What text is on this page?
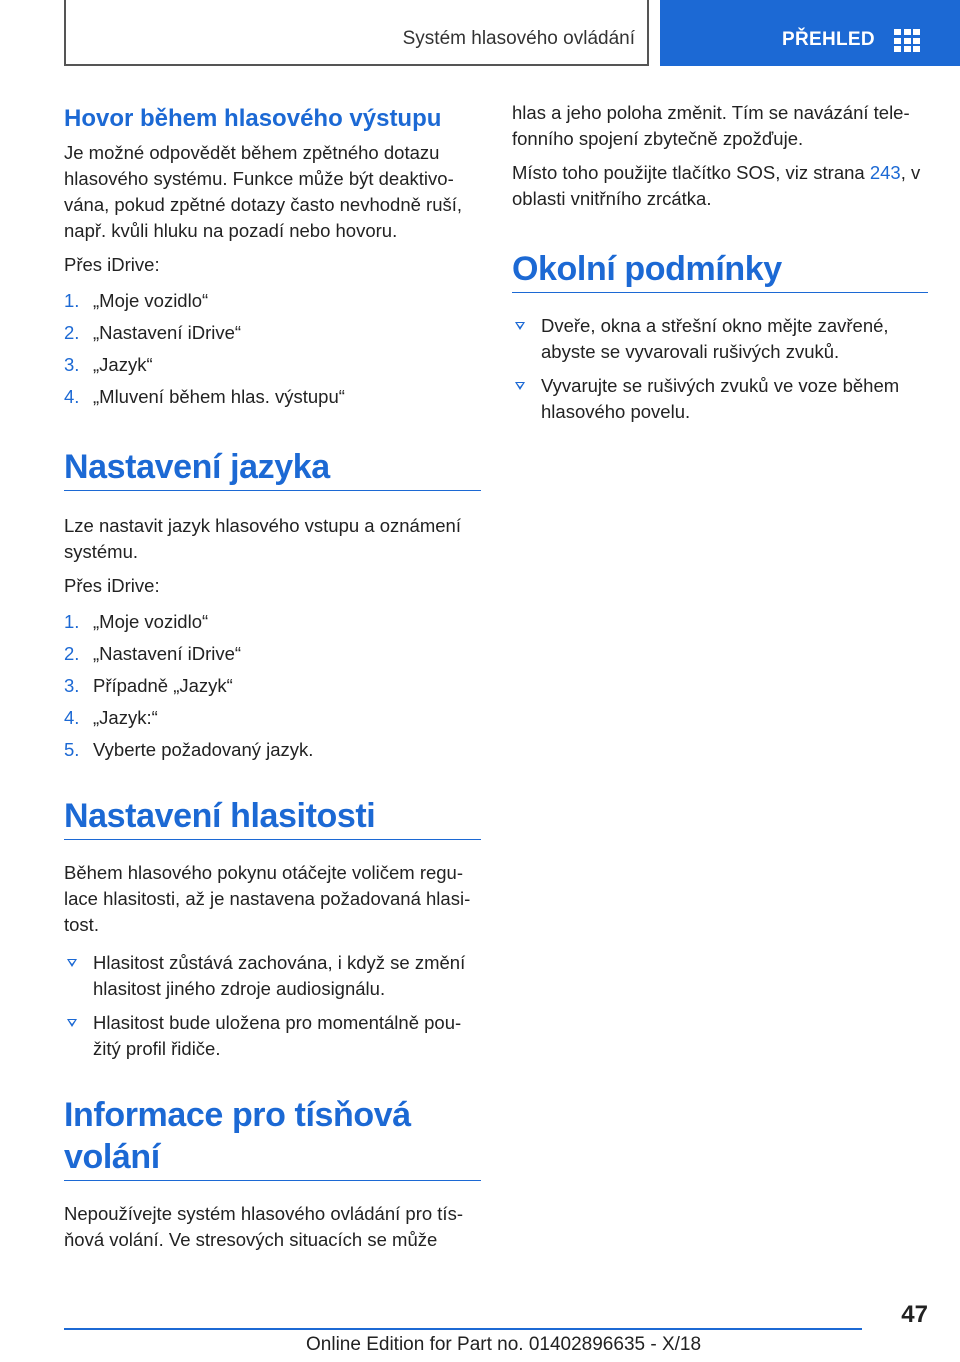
Systém hlasového ovládání	PŘEHLED
Hovor během hlasového výstupu
Je možné odpovědět během zpětného dotazu hlasového systému. Funkce může být deaktivována, pokud zpětné dotazy často nevhodně ruší, např. kvůli hluku na pozadí nebo hovoru.
Přes iDrive:
1. „Moje vozidlo“
2. „Nastavení iDrive“
3. „Jazyk“
4. „Mluvení během hlas. výstupu“
Nastavení jazyka
Lze nastavit jazyk hlasového vstupu a oznámení systému.
Přes iDrive:
1. „Moje vozidlo“
2. „Nastavení iDrive“
3. Případně „Jazyk“
4. „Jazyk:“
5. Vyberte požadovaný jazyk.
Nastavení hlasitosti
Během hlasového pokynu otáčejte voličem regulace hlasitosti, až je nastavena požadovaná hlasitost.
Hlasitost zůstává zachována, i když se změní hlasitost jiného zdroje audiosignálu.
Hlasitost bude uložena pro momentálně použitý profil řidiče.
Informace pro tísňová
volání
Nepoužívejte systém hlasového ovládání pro tísňová volání. Ve stresových situacích se může
hlas a jeho poloha změnit. Tím se navázání telefonního spojení zbytečně zpožďuje.
Místo toho použijte tlačítko SOS, viz strana 243, v oblasti vnitřního zrcátka.
Okolní podmínky
Dveře, okna a střešní okno mějte zavřené, abyste se vyvarovali rušivých zvuků.
Vyvarujte se rušivých zvuků ve voze během hlasového povelu.
47
Online Edition for Part no. 01402896635 - X/18
